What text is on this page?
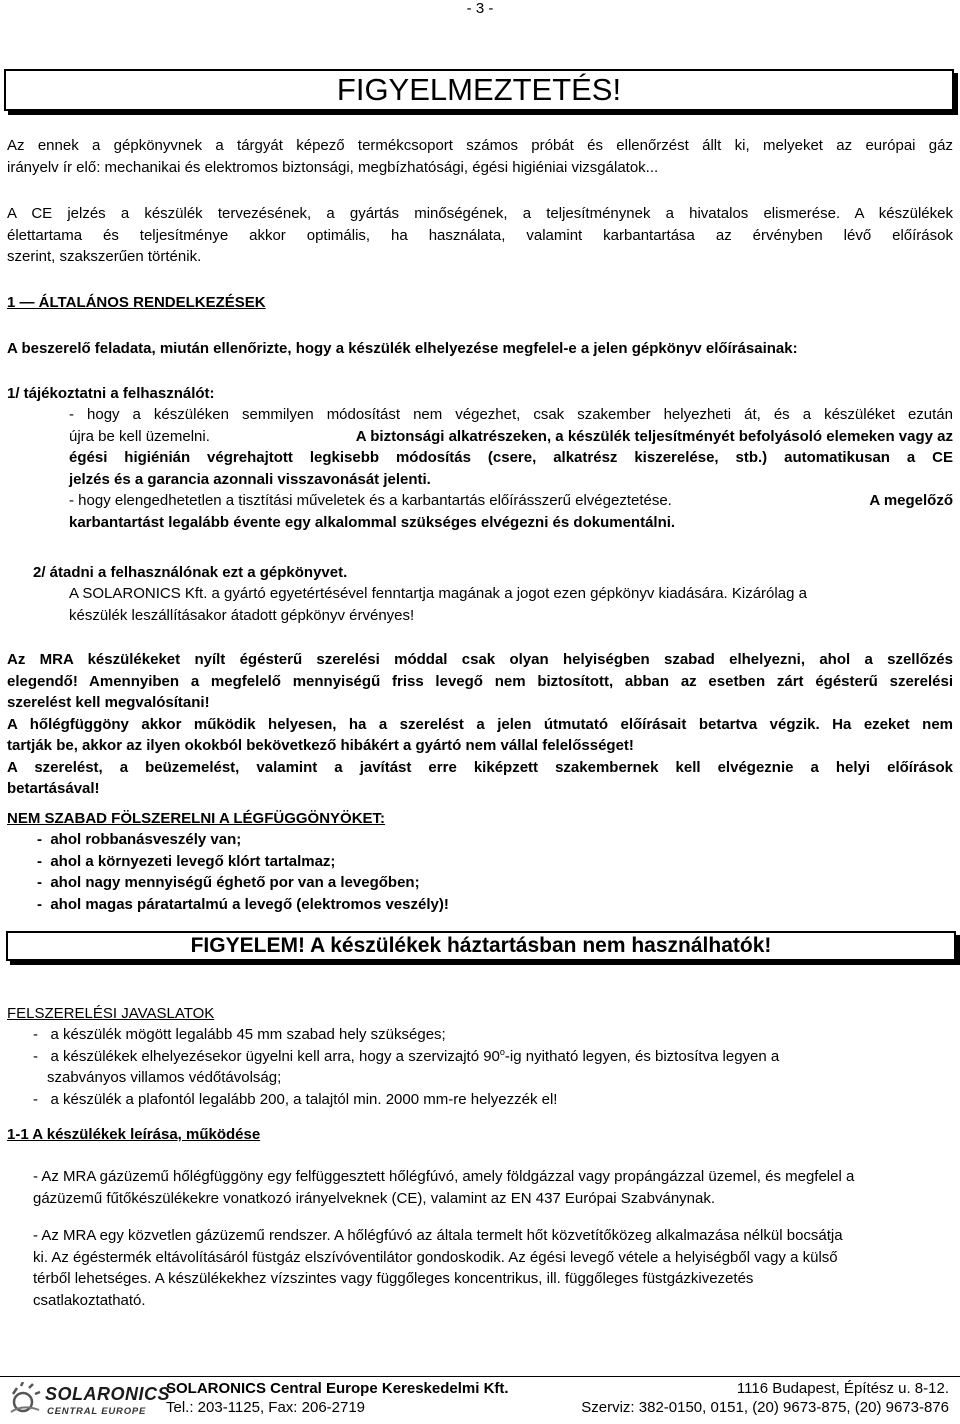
- 3 -
FIGYELMEZTETÉS!
Az ennek a gépkönyvnek a tárgyát képező termékcsoport számos próbát és ellenőrzést állt ki, melyeket az európai gáz
irányelv ír elő: mechanikai és elektromos biztonsági, megbízhatósági, égési higiéniai vizsgálatok...
A CE jelzés a készülék tervezésének, a gyártás minőségének, a teljesítménynek a hivatalos elismerése. A készülékek
élettartama és teljesítménye akkor optimális, ha használata, valamint karbantartása az érvényben lévő előírások
szerint, szakszerűen történik.
1 — ÁLTALÁNOS RENDELKEZÉSEK
A beszerelő feladata, miután ellenőrizte, hogy a készülék elhelyezése megfelel-e a jelen gépkönyv előírásainak:
1/ tájékoztatni a felhasználót:
- hogy a készüléken semmilyen módosítást nem végezhet, csak szakember helyezheti át, és a készüléket ezután
újra be kell üzemelni.	A biztonsági alkatrészeken, a készülék teljesítményét befolyásoló elemeken vagy az
égési higiénián végrehajtott legkisebb módosítás (csere, alkatrész kiszerelése, stb.) automatikusan a CE
jelzés és a garancia azonnali visszavonását jelenti.
- hogy elengedhetetlen a tisztítási műveletek és a karbantartás előírásszerű elvégeztetése.	A megelőző
karbantartást legalább évente egy alkalommal szükséges elvégezni és dokumentálni.
2/ átadni a felhasználónak ezt a gépkönyvet.
A SOLARONICS Kft. a gyártó egyetértésével fenntartja magának a jogot ezen gépkönyv kiadására. Kizárólag a
készülék leszállításakor átadott gépkönyv érvényes!
Az MRA készülékeket nyílt égésterű szerelési móddal csak olyan helyiségben szabad elhelyezni, ahol a szellőzés
elegendő! Amennyiben a megfelelő mennyiségű friss levegő nem biztosított, abban az esetben zárt égésterű szerelési
szerelést kell megvalósítani!
A hőlégfüggöny akkor működik helyesen, ha a szerelést a jelen útmutató előírásait betartva végzik. Ha ezeket nem
tartják be, akkor az ilyen okokból bekövetkező hibákért a gyártó nem vállal felelősséget!
A szerelést, a beüzemelést, valamint a javítást erre kiképzett szakembernek kell elvégeznie a helyi előírások
betartásával!
NEM SZABAD FÖLSZERELNI A LÉGFÜGGÖNYÖKET:
-  ahol robbanásveszély van;
-  ahol a környezeti levegő klórt tartalmaz;
-  ahol nagy mennyiségű éghető por van a levegőben;
-  ahol magas páratartalmú a levegő (elektromos veszély)!
FIGYELEM! A készülékek háztartásban nem használhatók!
FELSZERELÉSI JAVASLATOK
-   a készülék mögött legalább 45 mm szabad hely szükséges;
-   a készülékek elhelyezésekor ügyelni kell arra, hogy a szervizajtó 90$^o$-ig nyitható legyen, és biztosítva legyen a
szabványos villamos védőtávolság;
-   a készülék a plafontól legalább 200, a talajtól min. 2000 mm-re helyezzék el!
1-1 A készülékek leírása, működése
- Az MRA gázüzemű hőlégfüggöny egy felfüggesztett hőlégfúvó, amely földgázzal vagy propángázzal üzemel, és megfelel a
gázüzemű fűtőkészülékekre vonatkozó irányelveknek (CE), valamint az EN 437 Európai Szabványnak.
- Az MRA egy közvetlen gázüzemű rendszer. A hőlégfúvó az általa termelt hőt közvetítőközeg alkalmazása nélkül bocsátja
ki. Az égéstermék eltávolításáról füstgáz elszívóventilátor gondoskodik. Az égési levegő vétele a helyiségből vagy a külső
térből lehetséges. A készülékekhez vízszintes vagy függőleges koncentrikus, ill. függőleges füstgázkivezetés
csatlakoztatható.
SOLARONICS
CENTRAL EUROPE
SOLARONICS Central Europe Kereskedelmi Kft.	1116 Budapest, Építész u. 8-12.
Tel.: 203-1125, Fax: 206-2719	Szerviz: 382-0150, 0151, (20) 9673-875, (20) 9673-876
